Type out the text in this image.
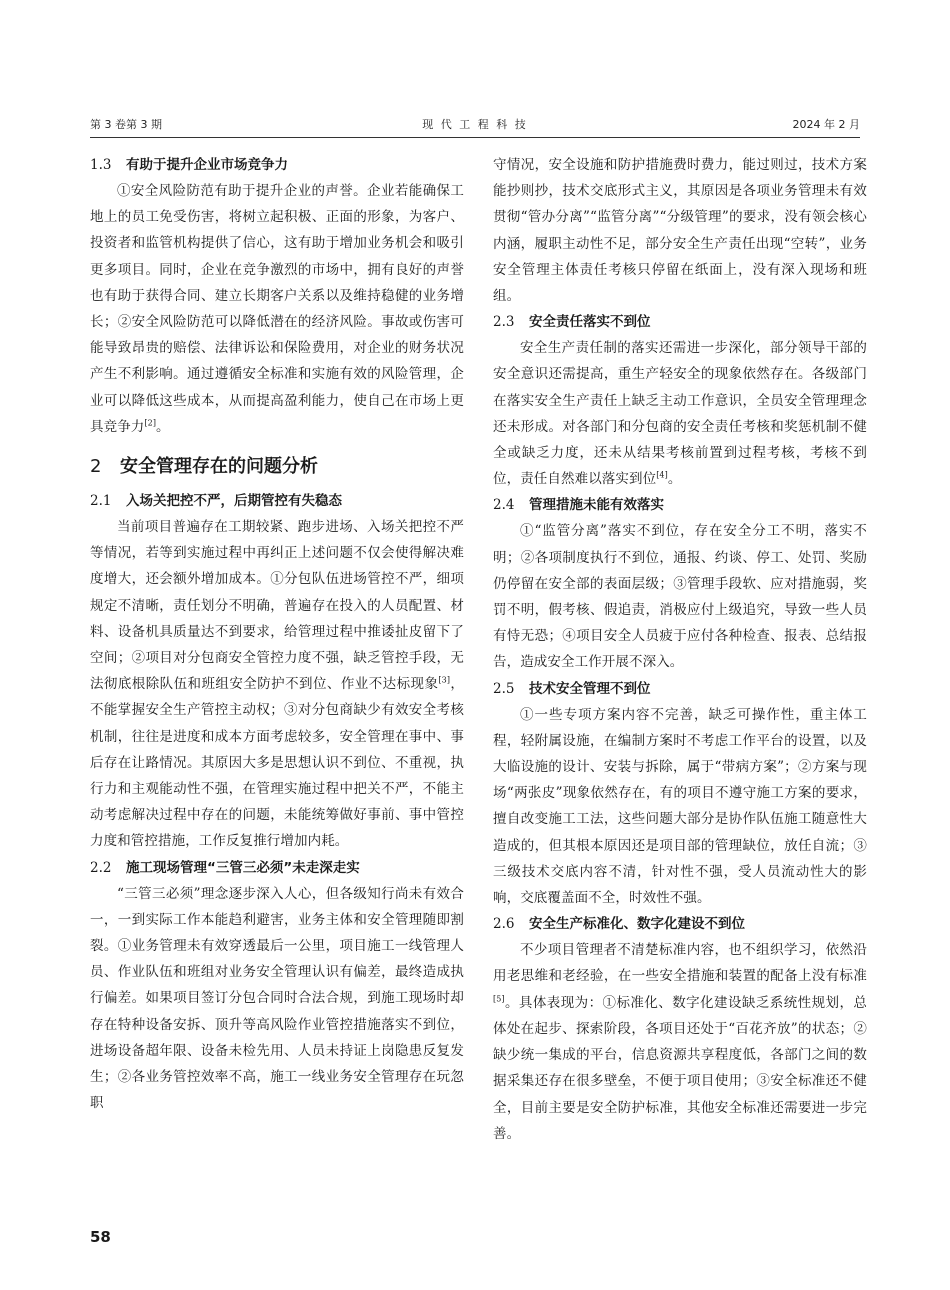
第 3 卷第 3 期	现 代 工 程 科 技	2024 年 2 月
1.3 有助于提升企业市场竞争力

①安全风险防范有助于提升企业的声誉。企业若能确保工地上的员工免受伤害，将树立起积极、正面的形象，为客户、投资者和监管机构提供了信心，这有助于增加业务机会和吸引更多项目。同时，企业在竞争激烈的市场中，拥有良好的声誉也有助于获得合同、建立长期客户关系以及维持稳健的业务增长；②安全风险防范可以降低潜在的经济风险。事故或伤害可能导致昂贵的赔偿、法律诉讼和保险费用，对企业的财务状况产生不利影响。通过遵循安全标准和实施有效的风险管理，企业可以降低这些成本，从而提高盈利能力，使自己在市场上更具竞争力[2]。

2 安全管理存在的问题分析
2.1 入场关把控不严，后期管控有失稳态

当前项目普遍存在工期较紧、跑步进场、入场关把控不严等情况，若等到实施过程中再纠正上述问题不仅会使得解决难度增大，还会额外增加成本。①分包队伍进场管控不严，细项规定不清晰，责任划分不明确，普遍存在投入的人员配置、材料、设备机具质量达不到要求，给管理过程中推诿扯皮留下了空间；②项目对分包商安全管控力度不强，缺乏管控手段，无法彻底根除队伍和班组安全防护不到位、作业不达标现象[3]，不能掌握安全生产管控主动权；③对分包商缺少有效安全考核机制，往往是进度和成本方面考虑较多，安全管理在事中、事后存在让路情况。其原因大多是思想认识不到位、不重视，执行力和主观能动性不强，在管理实施过程中把关不严，不能主动考虑解决过程中存在的问题，未能统筹做好事前、事中管控力度和管控措施，工作反复推行增加内耗。

2.2 施工现场管理“三管三必须”未走深走实

“三管三必须”理念逐步深入人心，但各级知行尚未有效合一，一到实际工作本能趋利避害，业务主体和安全管理随即割裂。①业务管理未有效穿透最后一公里，项目施工一线管理人员、作业队伍和班组对业务安全管理认识有偏差，最终造成执行偏差。如果项目签订分包合同时合法合规，到施工现场时却存在特种设备安拆、顶升等高风险作业管控措施落实不到位，进场设备超年限、设备未检先用、人员未持证上岗隐患反复发生；②各业务管控效率不高，施工一线业务安全管理存在玩忽职

守情况，安全设施和防护措施费时费力，能过则过，技术方案能抄则抄，技术交底形式主义，其原因是各项业务管理未有效贯彻“管办分离”“监管分离”“分级管理”的要求，没有领会核心内涵，履职主动性不足，部分安全生产责任出现“空转”，业务安全管理主体责任考核只停留在纸面上，没有深入现场和班组。

2.3 安全责任落实不到位

安全生产责任制的落实还需进一步深化，部分领导干部的安全意识还需提高，重生产轻安全的现象依然存在。各级部门在落实安全生产责任上缺乏主动工作意识，全员安全管理理念还未形成。对各部门和分包商的安全责任考核和奖惩机制不健全或缺乏力度，还未从结果考核前置到过程考核，考核不到位，责任自然难以落实到位[4]。

2.4 管理措施未能有效落实

①“监管分离”落实不到位，存在安全分工不明，落实不明；②各项制度执行不到位，通报、约谈、停工、处罚、奖励仍停留在安全部的表面层级；③管理手段软、应对措施弱，奖罚不明，假考核、假追责，消极应付上级追究，导致一些人员有恃无恐；④项目安全人员疲于应付各种检查、报表、总结报告，造成安全工作开展不深入。

2.5 技术安全管理不到位

①一些专项方案内容不完善，缺乏可操作性，重主体工程，轻附属设施，在编制方案时不考虑工作平台的设置，以及大临设施的设计、安装与拆除，属于“带病方案”；②方案与现场“两张皮”现象依然存在，有的项目不遵守施工方案的要求，擅自改变施工工法，这些问题大部分是协作队伍施工随意性大造成的，但其根本原因还是项目部的管理缺位，放任自流；③三级技术交底内容不清，针对性不强，受人员流动性大的影响，交底覆盖面不全，时效性不强。

2.6 安全生产标准化、数字化建设不到位

不少项目管理者不清楚标准内容，也不组织学习，依然沿用老思维和老经验，在一些安全措施和装置的配备上没有标准[5]。具体表现为：①标准化、数字化建设缺乏系统性规划，总体处在起步、探索阶段，各项目还处于“百花齐放”的状态；②缺少统一集成的平台，信息资源共享程度低，各部门之间的数据采集还存在很多壁垒，不便于项目使用；③安全标准还不健全，目前主要是安全防护标准，其他安全标准还需要进一步完善。

58
